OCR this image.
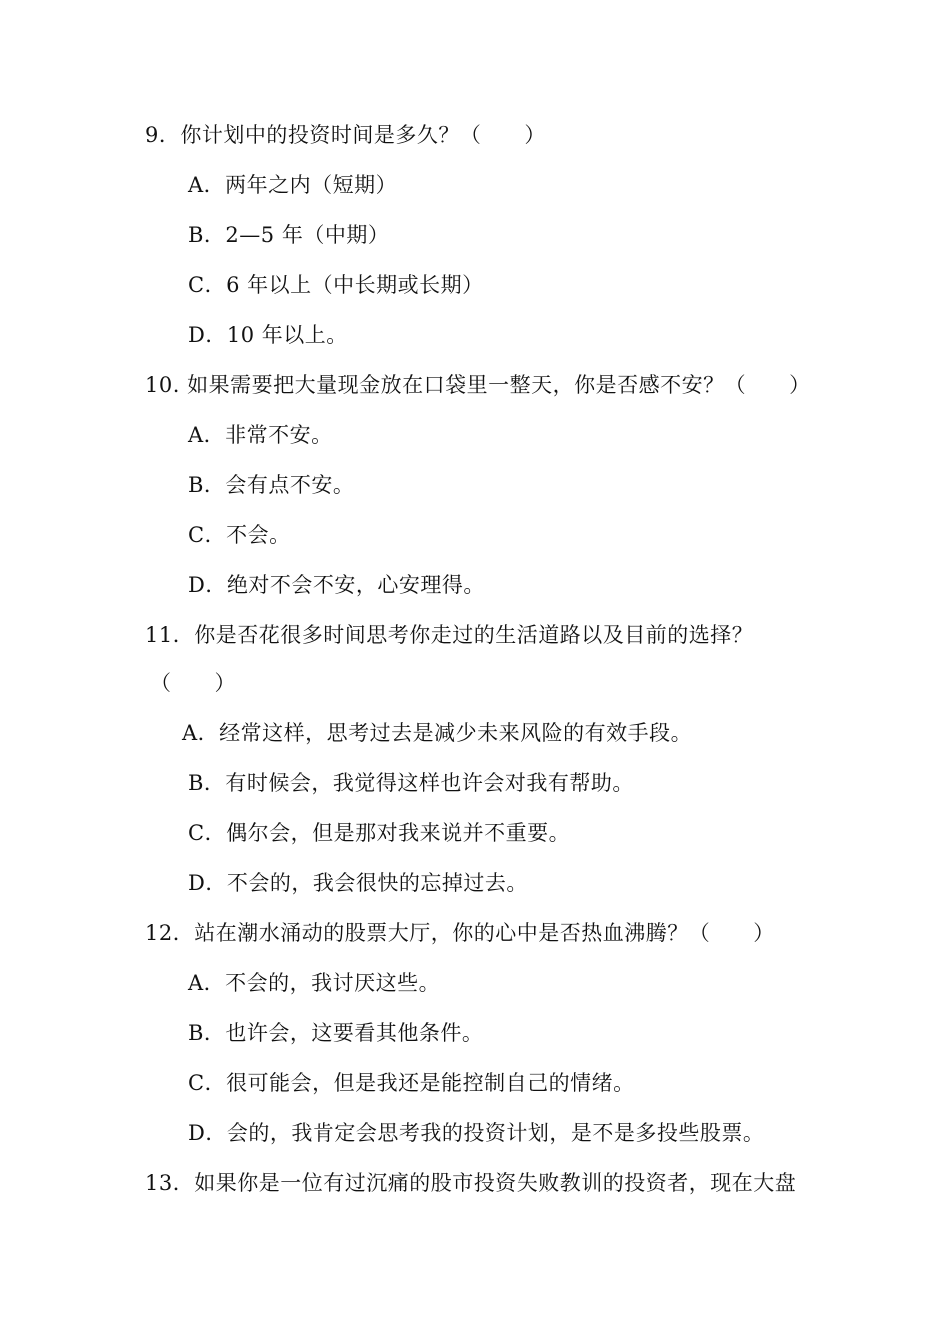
9．你计划中的投资时间是多久？（　　）
A．两年之内（短期）
B．2—5 年（中期）
C．6 年以上（中长期或长期）
D．10 年以上。
10. 如果需要把大量现金放在口袋里一整天，你是否感不安？（　　）
A．非常不安。
B．会有点不安。
C．不会。
D．绝对不会不安，心安理得。
11．你是否花很多时间思考你走过的生活道路以及目前的选择？
（　　）
A．经常这样，思考过去是减少未来风险的有效手段。
B．有时候会，我觉得这样也许会对我有帮助。
C．偶尔会，但是那对我来说并不重要。
D．不会的，我会很快的忘掉过去。
12．站在潮水涌动的股票大厅，你的心中是否热血沸腾？（　　）
A．不会的，我讨厌这些。
B．也许会，这要看其他条件。
C．很可能会，但是我还是能控制自己的情绪。
D．会的，我肯定会思考我的投资计划，是不是多投些股票。
13．如果你是一位有过沉痛的股市投资失败教训的投资者，现在大盘
